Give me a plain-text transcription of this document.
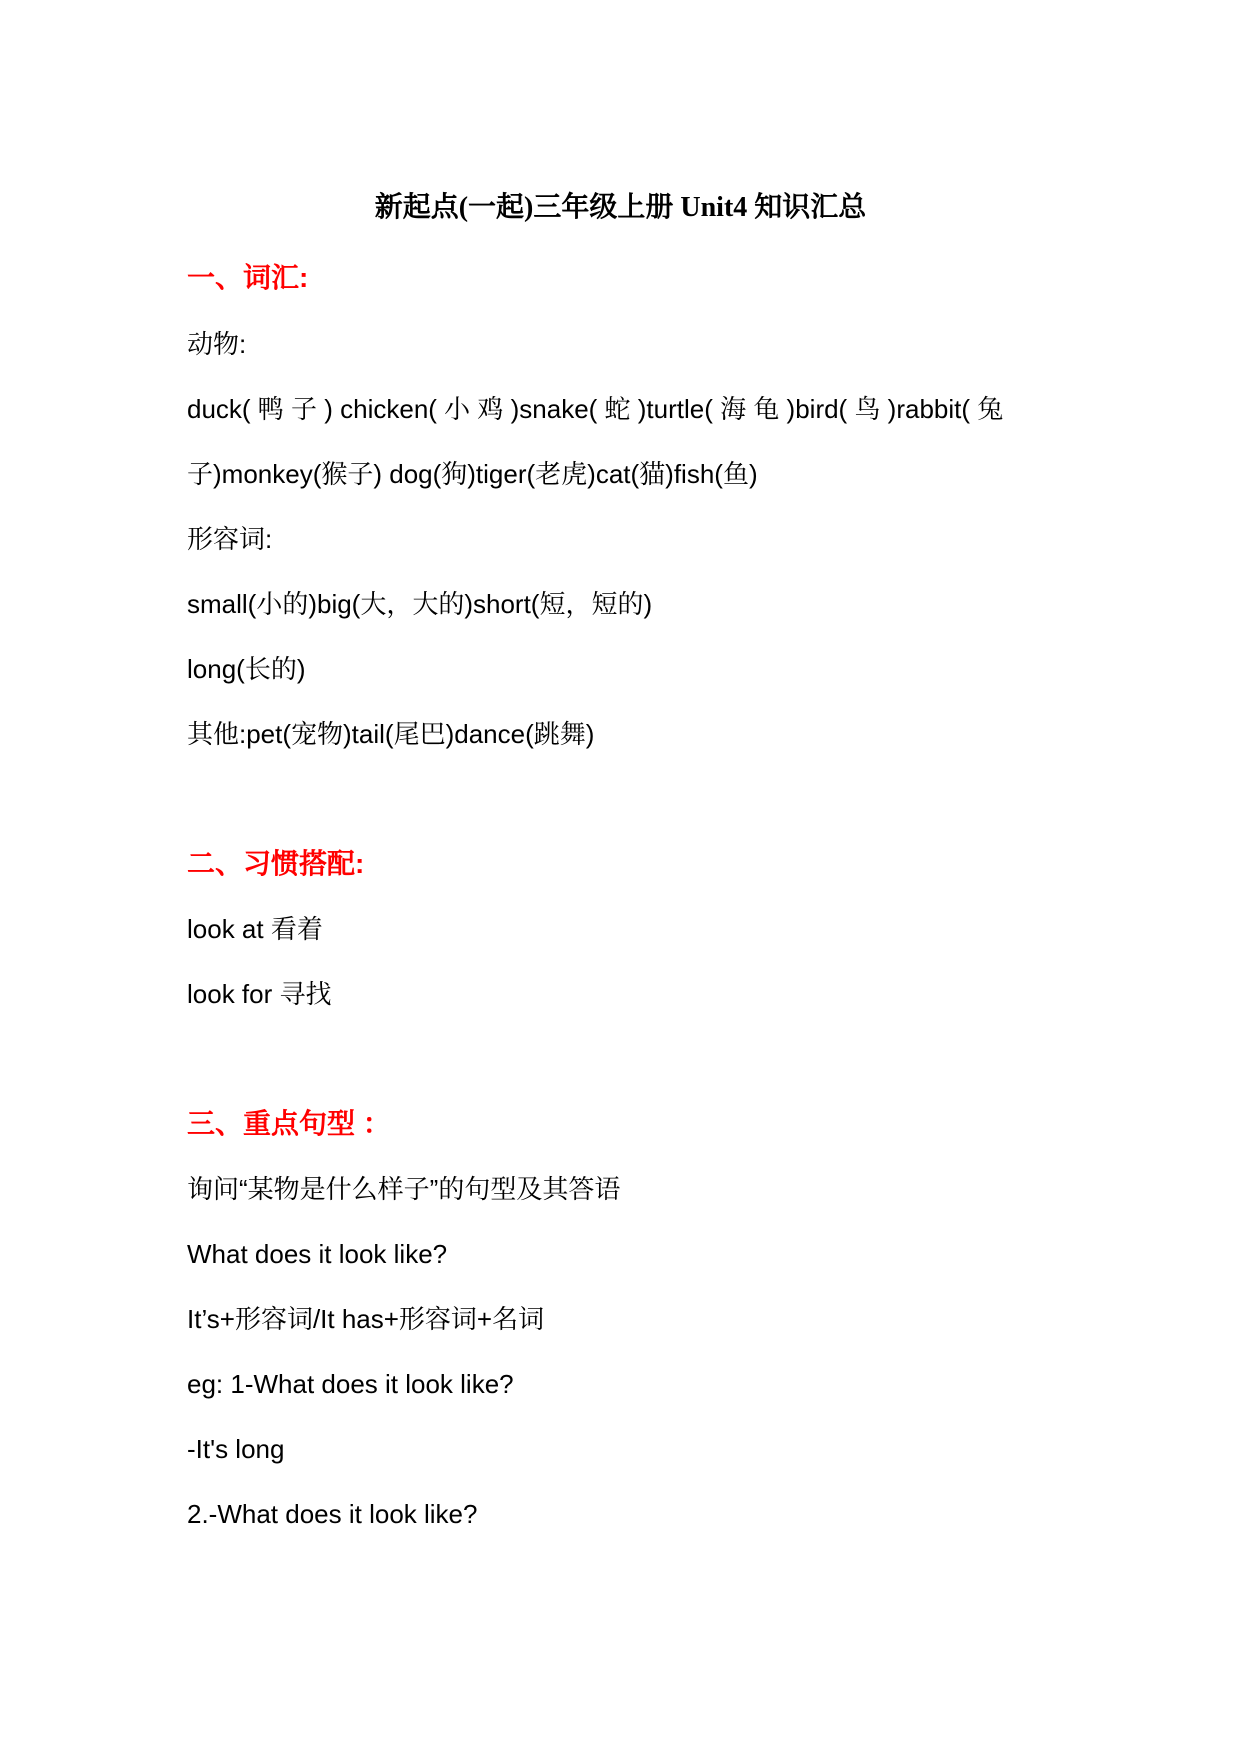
新起点(一起)三年级上册 Unit4 知识汇总
一、词汇:
动物:
duck( 鸭 子 ) chicken( 小 鸡 )snake( 蛇 )turtle( 海 龟 )bird( 鸟 )rabbit( 兔
子)monkey(猴子) dog(狗)tiger(老虎)cat(猫)fish(鱼)
形容词:
small(小的)big(大，大的)short(短，短的)
long(长的)
其他:pet(宠物)tail(尾巴)dance(跳舞)
二、习惯搭配:
look at 看着
look for 寻找
三、重点句型 ：
询问“某物是什么样子”的句型及其答语
What does it look like?
It’s+形容词/It has+形容词+名词
eg: 1-What does it look like?
-It's long
2.-What does it look like?
